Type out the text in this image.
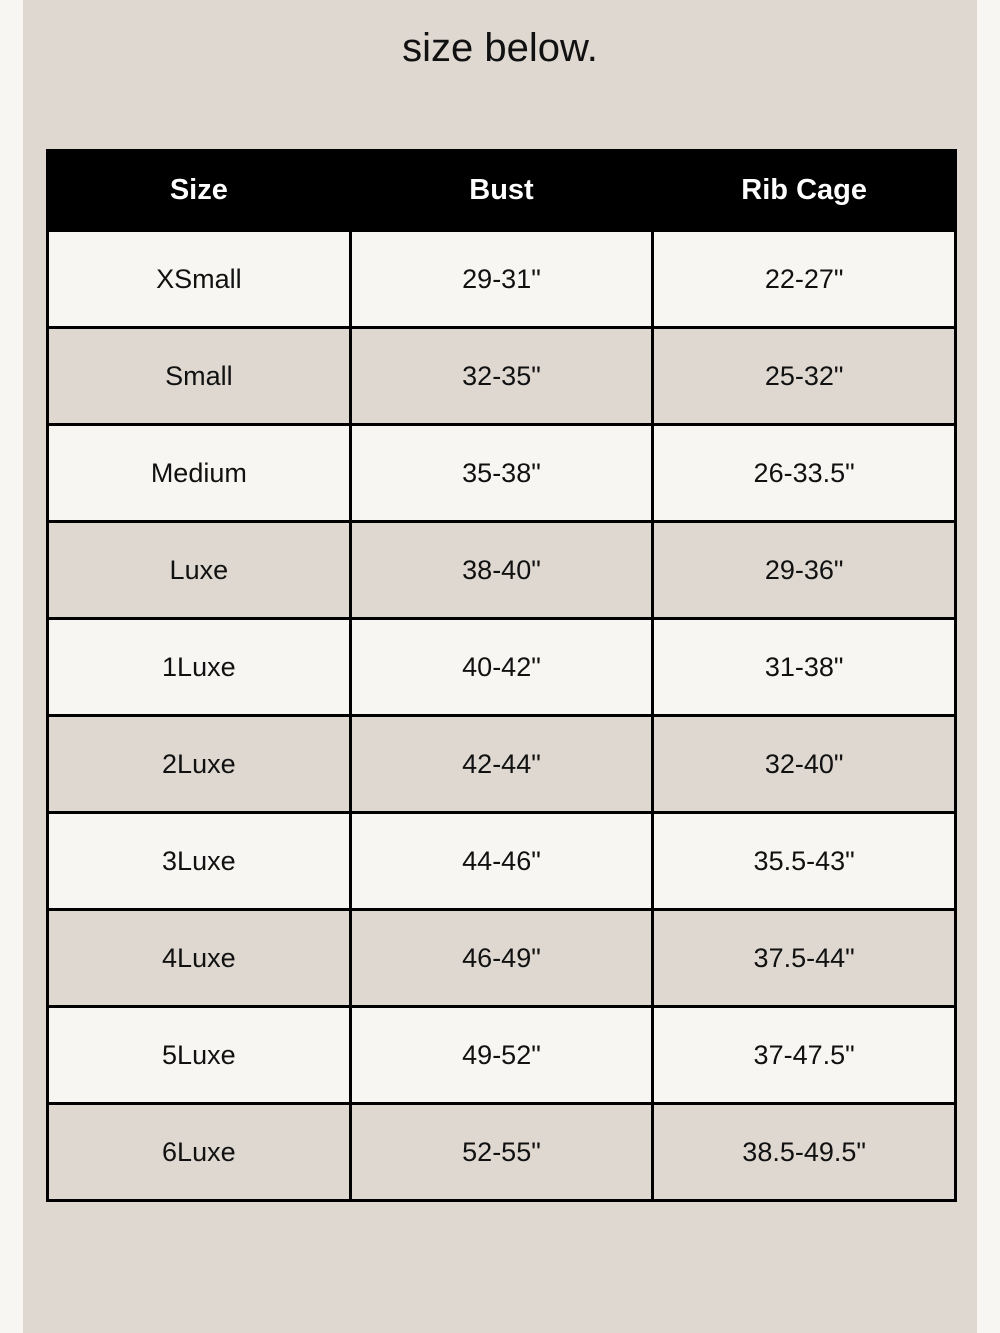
size below.
Size	Bust	Rib Cage
XSmall	29-31"	22-27"
Small	32-35"	25-32"
Medium	35-38"	26-33.5"
Luxe	38-40"	29-36"
1Luxe	40-42"	31-38"
2Luxe	42-44"	32-40"
3Luxe	44-46"	35.5-43"
4Luxe	46-49"	37.5-44"
5Luxe	49-52"	37-47.5"
6Luxe	52-55"	38.5-49.5"
